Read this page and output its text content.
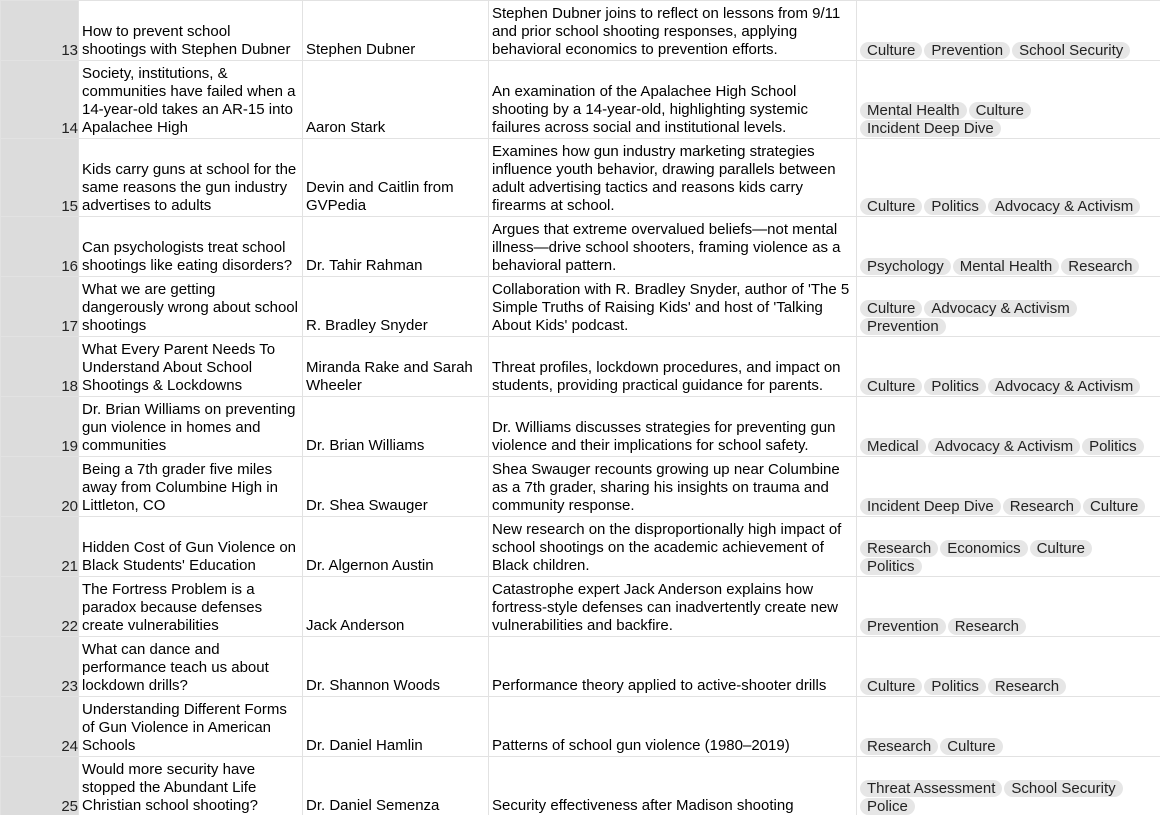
13	How to prevent school shootings with Stephen Dubner	Stephen Dubner	Stephen Dubner joins to reflect on lessons from 9/11 and prior school shooting responses, applying behavioral economics to prevention efforts.	Culture Prevention School Security

14	Society, institutions, & communities have failed when a 14-year-old takes an AR-15 into Apalachee High	Aaron Stark	An examination of the Apalachee High School shooting by a 14-year-old, highlighting systemic failures across social and institutional levels.	Mental Health CultureIncident Deep Dive

15	Kids carry guns at school for the same reasons the gun industry advertises to adults	Devin and Caitlin from GVPedia	Examines how gun industry marketing strategies influence youth behavior, drawing parallels between adult advertising tactics and reasons kids carry firearms at school.	Culture Politics Advocacy & Activism

16	Can psychologists treat school shootings like eating disorders?	Dr. Tahir Rahman	Argues that extreme overvalued beliefs—not mental illness—drive school shooters, framing violence as a behavioral pattern.	Psychology Mental Health Research

17	What we are getting dangerously wrong about school shootings	R. Bradley Snyder	Collaboration with R. Bradley Snyder, author of 'The 5 Simple Truths of Raising Kids' and host of 'Talking About Kids' podcast.	Culture Advocacy & ActivismPrevention

18	What Every Parent Needs To Understand About School Shootings & Lockdowns	Miranda Rake and Sarah Wheeler	Threat profiles, lockdown procedures, and impact on students, providing practical guidance for parents.	Culture Politics Advocacy & Activism

19	Dr. Brian Williams on preventing gun violence in homes and communities	Dr. Brian Williams	Dr. Williams discusses strategies for preventing gun violence and their implications for school safety.	Medical Advocacy & Activism Politics

20	Being a 7th grader five miles away from Columbine High in Littleton, CO	Dr. Shea Swauger	Shea Swauger recounts growing up near Columbine as a 7th grader, sharing his insights on trauma and community response.	Incident Deep Dive Research Culture

21	Hidden Cost of Gun Violence on Black Students' Education	Dr. Algernon Austin	New research on the disproportionally high impact of school shootings on the academic achievement of Black children.	Research Economics CulturePolitics

22	The Fortress Problem is a paradox because defenses create vulnerabilities	Jack Anderson	Catastrophe expert Jack Anderson explains how fortress-style defenses can inadvertently create new vulnerabilities and backfire.	Prevention Research

23	What can dance and performance teach us about lockdown drills?	Dr. Shannon Woods	Performance theory applied to active-shooter drills	Culture Politics Research

24	Understanding Different Forms of Gun Violence in American Schools	Dr. Daniel Hamlin	Patterns of school gun violence (1980–2019)	Research Culture

25	Would more security have stopped the Abundant Life Christian school shooting?	Dr. Daniel Semenza	Security effectiveness after Madison shooting	Threat Assessment School SecurityPolice
